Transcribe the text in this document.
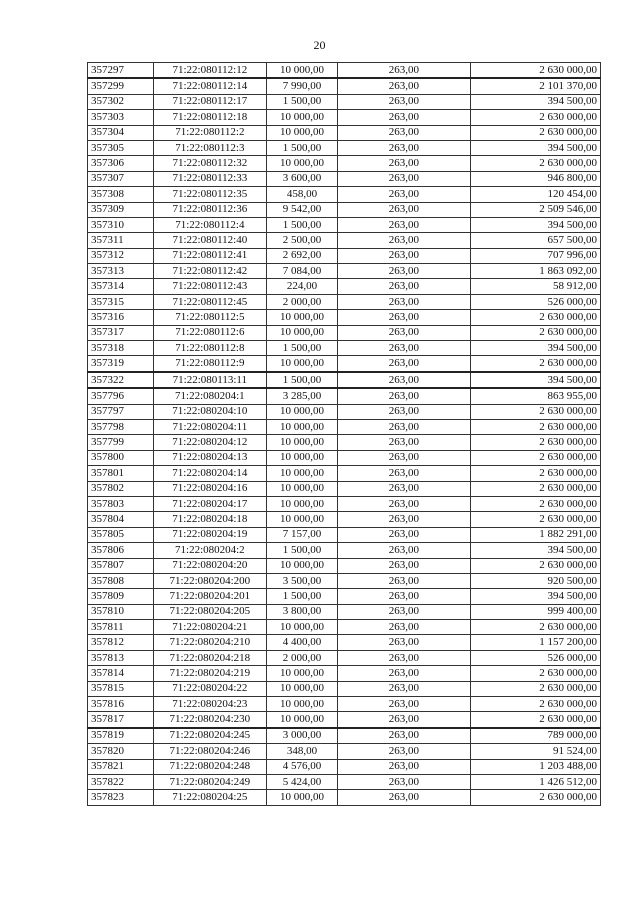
20
357297	71:22:080112:12	10 000,00	263,00	2 630 000,00
357299	71:22:080112:14	7 990,00	263,00	2 101 370,00
357302	71:22:080112:17	1 500,00	263,00	394 500,00
357303	71:22:080112:18	10 000,00	263,00	2 630 000,00
357304	71:22:080112:2	10 000,00	263,00	2 630 000,00
357305	71:22:080112:3	1 500,00	263,00	394 500,00
357306	71:22:080112:32	10 000,00	263,00	2 630 000,00
357307	71:22:080112:33	3 600,00	263,00	946 800,00
357308	71:22:080112:35	458,00	263,00	120 454,00
357309	71:22:080112:36	9 542,00	263,00	2 509 546,00
357310	71:22:080112:4	1 500,00	263,00	394 500,00
357311	71:22:080112:40	2 500,00	263,00	657 500,00
357312	71:22:080112:41	2 692,00	263,00	707 996,00
357313	71:22:080112:42	7 084,00	263,00	1 863 092,00
357314	71:22:080112:43	224,00	263,00	58 912,00
357315	71:22:080112:45	2 000,00	263,00	526 000,00
357316	71:22:080112:5	10 000,00	263,00	2 630 000,00
357317	71:22:080112:6	10 000,00	263,00	2 630 000,00
357318	71:22:080112:8	1 500,00	263,00	394 500,00
357319	71:22:080112:9	10 000,00	263,00	2 630 000,00
357322	71:22:080113:11	1 500,00	263,00	394 500,00
357796	71:22:080204:1	3 285,00	263,00	863 955,00
357797	71:22:080204:10	10 000,00	263,00	2 630 000,00
357798	71:22:080204:11	10 000,00	263,00	2 630 000,00
357799	71:22:080204:12	10 000,00	263,00	2 630 000,00
357800	71:22:080204:13	10 000,00	263,00	2 630 000,00
357801	71:22:080204:14	10 000,00	263,00	2 630 000,00
357802	71:22:080204:16	10 000,00	263,00	2 630 000,00
357803	71:22:080204:17	10 000,00	263,00	2 630 000,00
357804	71:22:080204:18	10 000,00	263,00	2 630 000,00
357805	71:22:080204:19	7 157,00	263,00	1 882 291,00
357806	71:22:080204:2	1 500,00	263,00	394 500,00
357807	71:22:080204:20	10 000,00	263,00	2 630 000,00
357808	71:22:080204:200	3 500,00	263,00	920 500,00
357809	71:22:080204:201	1 500,00	263,00	394 500,00
357810	71:22:080204:205	3 800,00	263,00	999 400,00
357811	71:22:080204:21	10 000,00	263,00	2 630 000,00
357812	71:22:080204:210	4 400,00	263,00	1 157 200,00
357813	71:22:080204:218	2 000,00	263,00	526 000,00
357814	71:22:080204:219	10 000,00	263,00	2 630 000,00
357815	71:22:080204:22	10 000,00	263,00	2 630 000,00
357816	71:22:080204:23	10 000,00	263,00	2 630 000,00
357817	71:22:080204:230	10 000,00	263,00	2 630 000,00
357819	71:22:080204:245	3 000,00	263,00	789 000,00
357820	71:22:080204:246	348,00	263,00	91 524,00
357821	71:22:080204:248	4 576,00	263,00	1 203 488,00
357822	71:22:080204:249	5 424,00	263,00	1 426 512,00
357823	71:22:080204:25	10 000,00	263,00	2 630 000,00
